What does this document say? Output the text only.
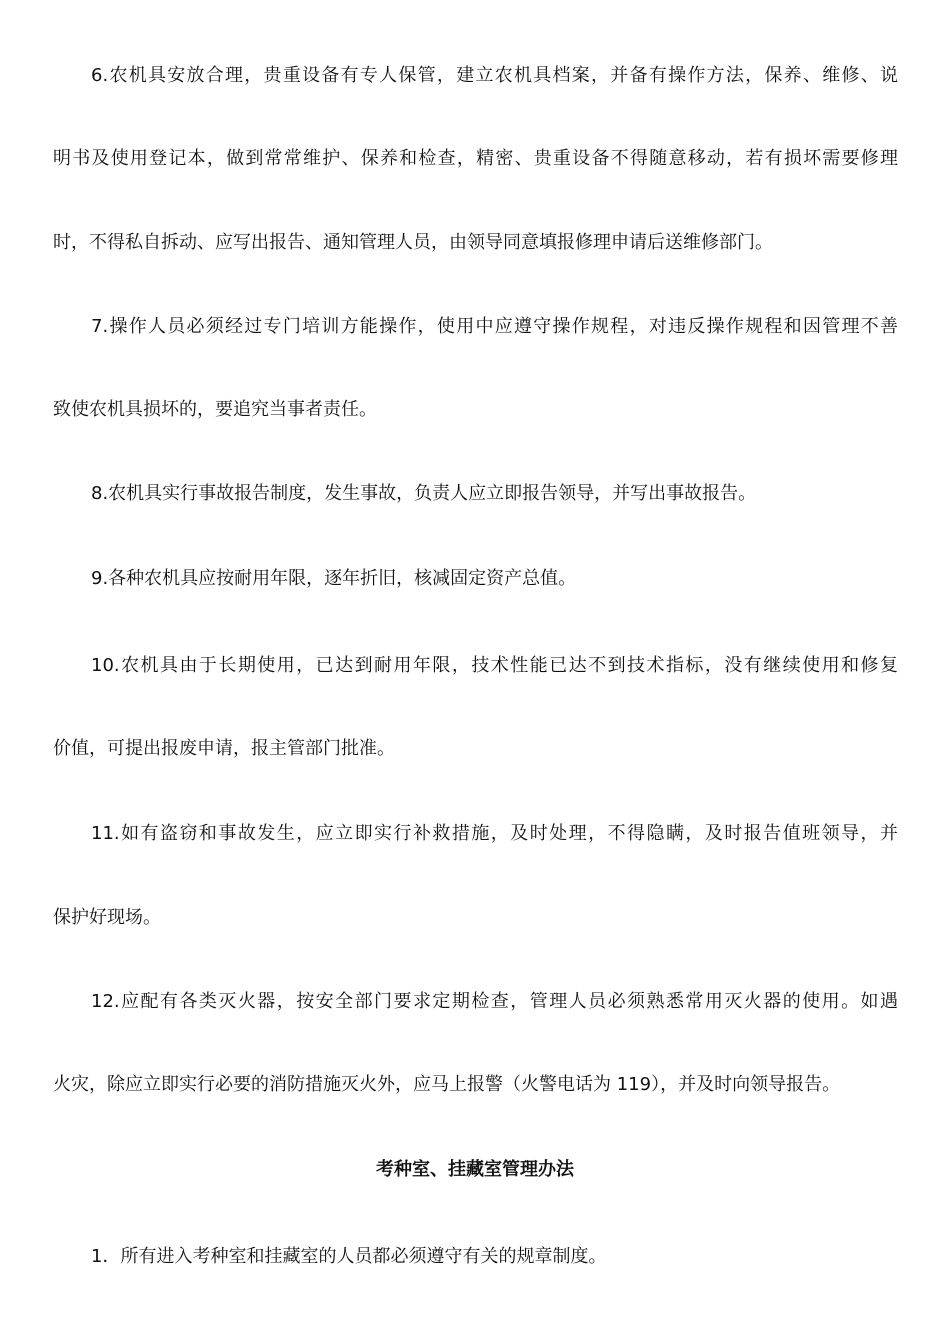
6.农机具安放合理，贵重设备有专人保管，建立农机具档案，并备有操作方法，保养、维修、说
明书及使用登记本，做到常常维护、保养和检查，精密、贵重设备不得随意移动，若有损坏需要修理
时，不得私自拆动、应写出报告、通知管理人员，由领导同意填报修理申请后送维修部门。
7.操作人员必须经过专门培训方能操作，使用中应遵守操作规程，对违反操作规程和因管理不善
致使农机具损坏的，要追究当事者责任。
8.农机具实行事故报告制度，发生事故，负责人应立即报告领导，并写出事故报告。
9.各种农机具应按耐用年限，逐年折旧，核减固定资产总值。
10.农机具由于长期使用，已达到耐用年限，技术性能已达不到技术指标，没有继续使用和修复
价值，可提出报废申请，报主管部门批准。
11.如有盗窃和事故发生，应立即实行补救措施，及时处理，不得隐瞒，及时报告值班领导，并
保护好现场。
12.应配有各类灭火器，按安全部门要求定期检查，管理人员必须熟悉常用灭火器的使用。如遇
火灾，除应立即实行必要的消防措施灭火外，应马上报警（火警电话为 119），并及时向领导报告。
考种室、挂藏室管理办法
1．所有进入考种室和挂藏室的人员都必须遵守有关的规章制度。
